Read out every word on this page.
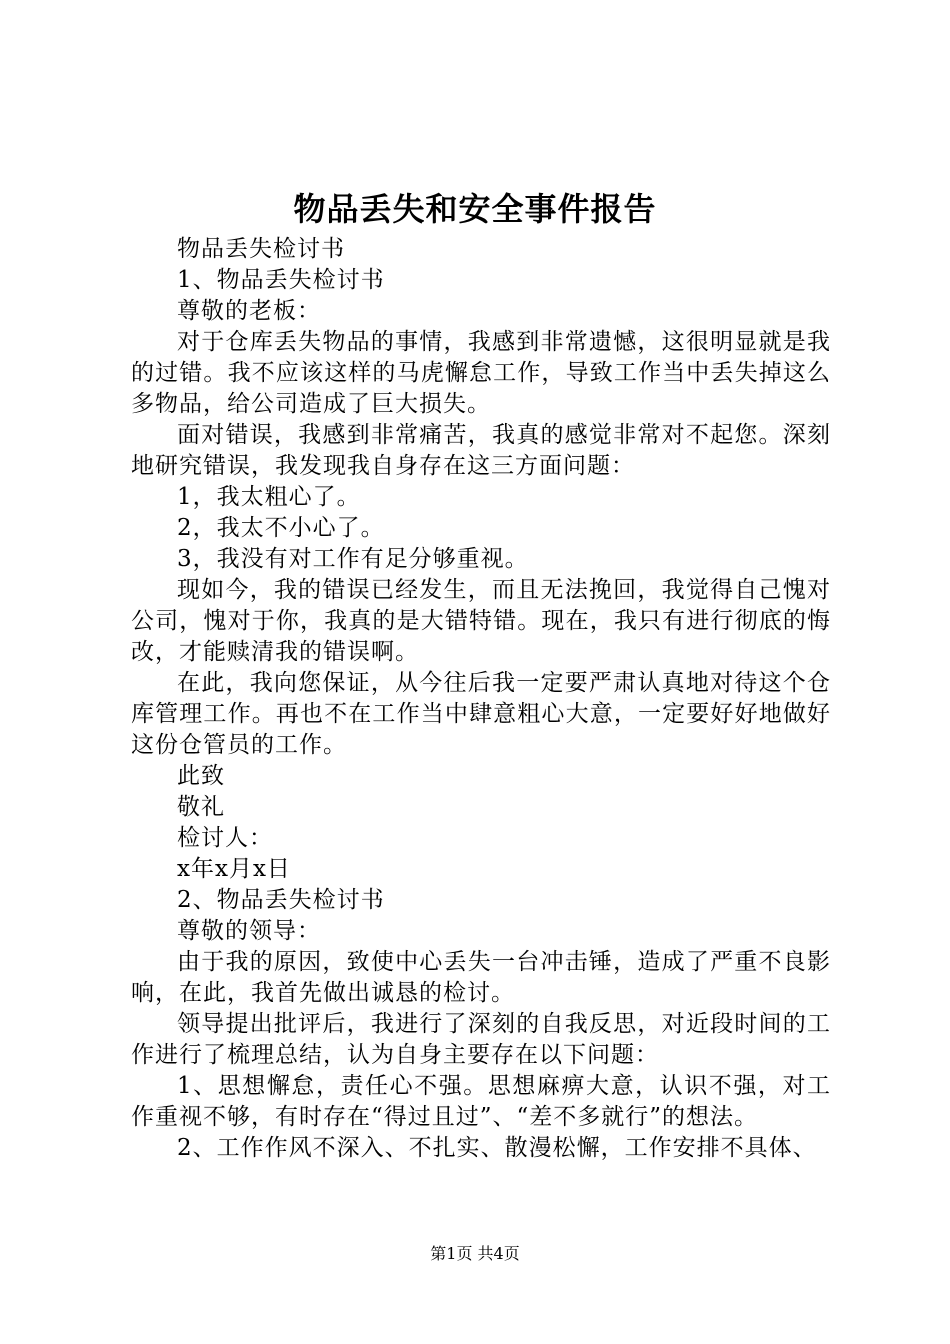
物品丢失和安全事件报告

物品丢失检讨书

1、物品丢失检讨书

尊敬的老板：

对于仓库丢失物品的事情，我感到非常遗憾，这很明显就是我的过错。我不应该这样的马虎懈怠工作，导致工作当中丢失掉这么多物品，给公司造成了巨大损失。

面对错误，我感到非常痛苦，我真的感觉非常对不起您。深刻地研究错误，我发现我自身存在这三方面问题：

1，我太粗心了。

2，我太不小心了。

3，我没有对工作有足分够重视。

现如今，我的错误已经发生，而且无法挽回，我觉得自己愧对公司，愧对于你，我真的是大错特错。现在，我只有进行彻底的悔改，才能赎清我的错误啊。

在此，我向您保证，从今往后我一定要严肃认真地对待这个仓库管理工作。再也不在工作当中肆意粗心大意，一定要好好地做好这份仓管员的工作。

此致

敬礼

检讨人：

x年x月x日

2、物品丢失检讨书

尊敬的领导：

由于我的原因，致使中心丢失一台冲击锤，造成了严重不良影响，在此，我首先做出诚恳的检讨。

领导提出批评后，我进行了深刻的自我反思，对近段时间的工作进行了梳理总结，认为自身主要存在以下问题：

1、思想懈怠，责任心不强。思想麻痹大意，认识不强，对工作重视不够，有时存在“得过且过”、“差不多就行”的想法。

2、工作作风不深入、不扎实、散漫松懈，工作安排不具体、

第1页 共4页
